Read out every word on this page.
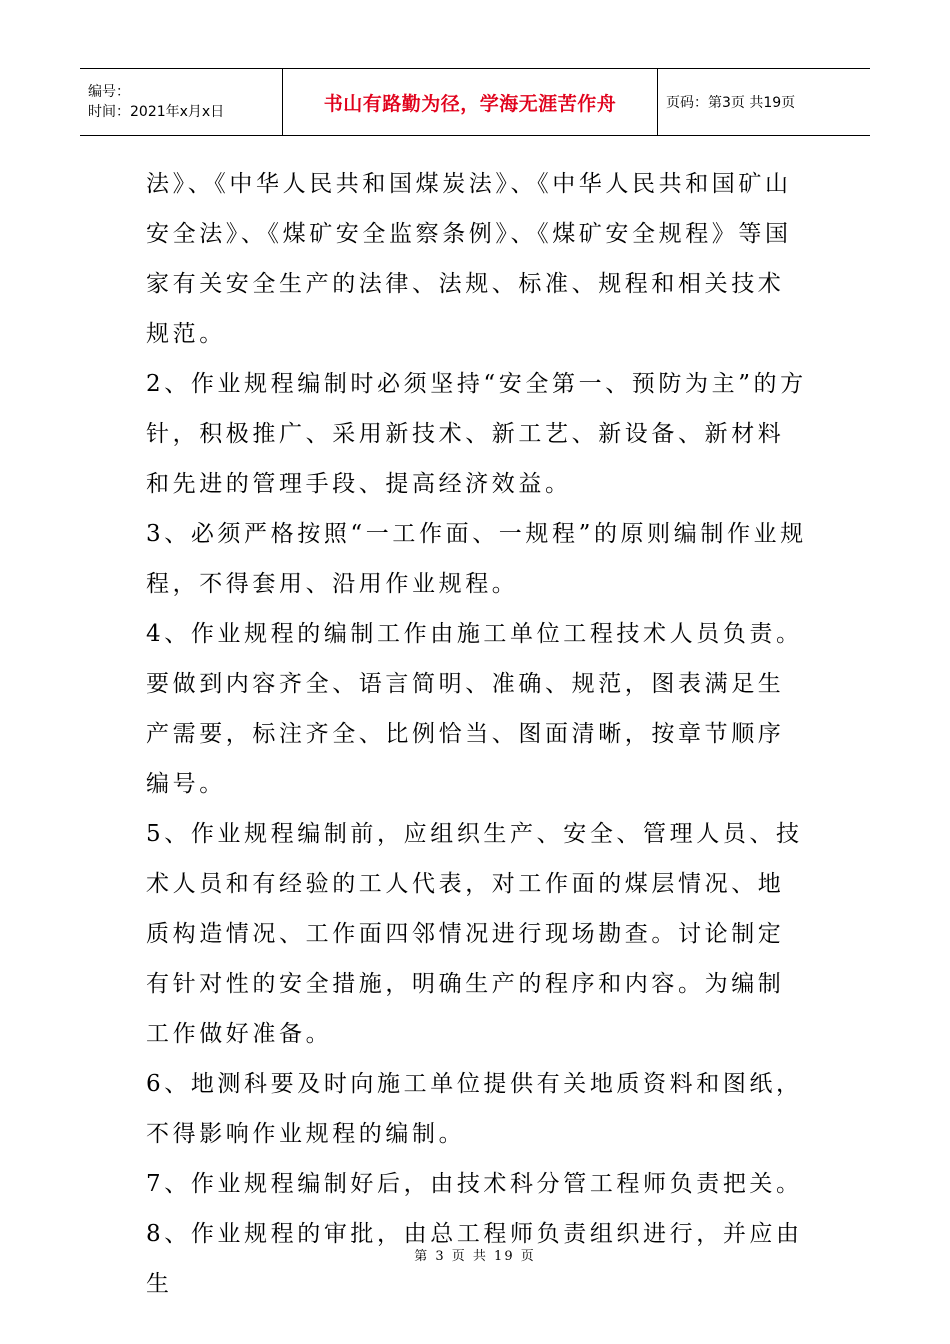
编号：
时间：2021年x月x日	书山有路勤为径，学海无涯苦作舟	页码：第3页 共19页

法》、《中华人民共和国煤炭法》、《中华人民共和国矿山安全法》、《煤矿安全监察条例》、《煤矿安全规程》等国家有关安全生产的法律、法规、标准、规程和相关技术规范。

2、作业规程编制时必须坚持“安全第一、预防为主”的方针，积极推广、采用新技术、新工艺、新设备、新材料和先进的管理手段、提高经济效益。

3、必须严格按照“一工作面、一规程”的原则编制作业规程，不得套用、沿用作业规程。

4、作业规程的编制工作由施工单位工程技术人员负责。要做到内容齐全、语言简明、准确、规范，图表满足生产需要，标注齐全、比例恰当、图面清晰，按章节顺序编号。

5、作业规程编制前，应组织生产、安全、管理人员、技术人员和有经验的工人代表，对工作面的煤层情况、地质构造情况、工作面四邻情况进行现场勘查。讨论制定有针对性的安全措施，明确生产的程序和内容。为编制工作做好准备。

6、地测科要及时向施工单位提供有关地质资料和图纸，不得影响作业规程的编制。

7、作业规程编制好后，由技术科分管工程师负责把关。

8、作业规程的审批，由总工程师负责组织进行，并应由生

第 3 页 共 19 页
